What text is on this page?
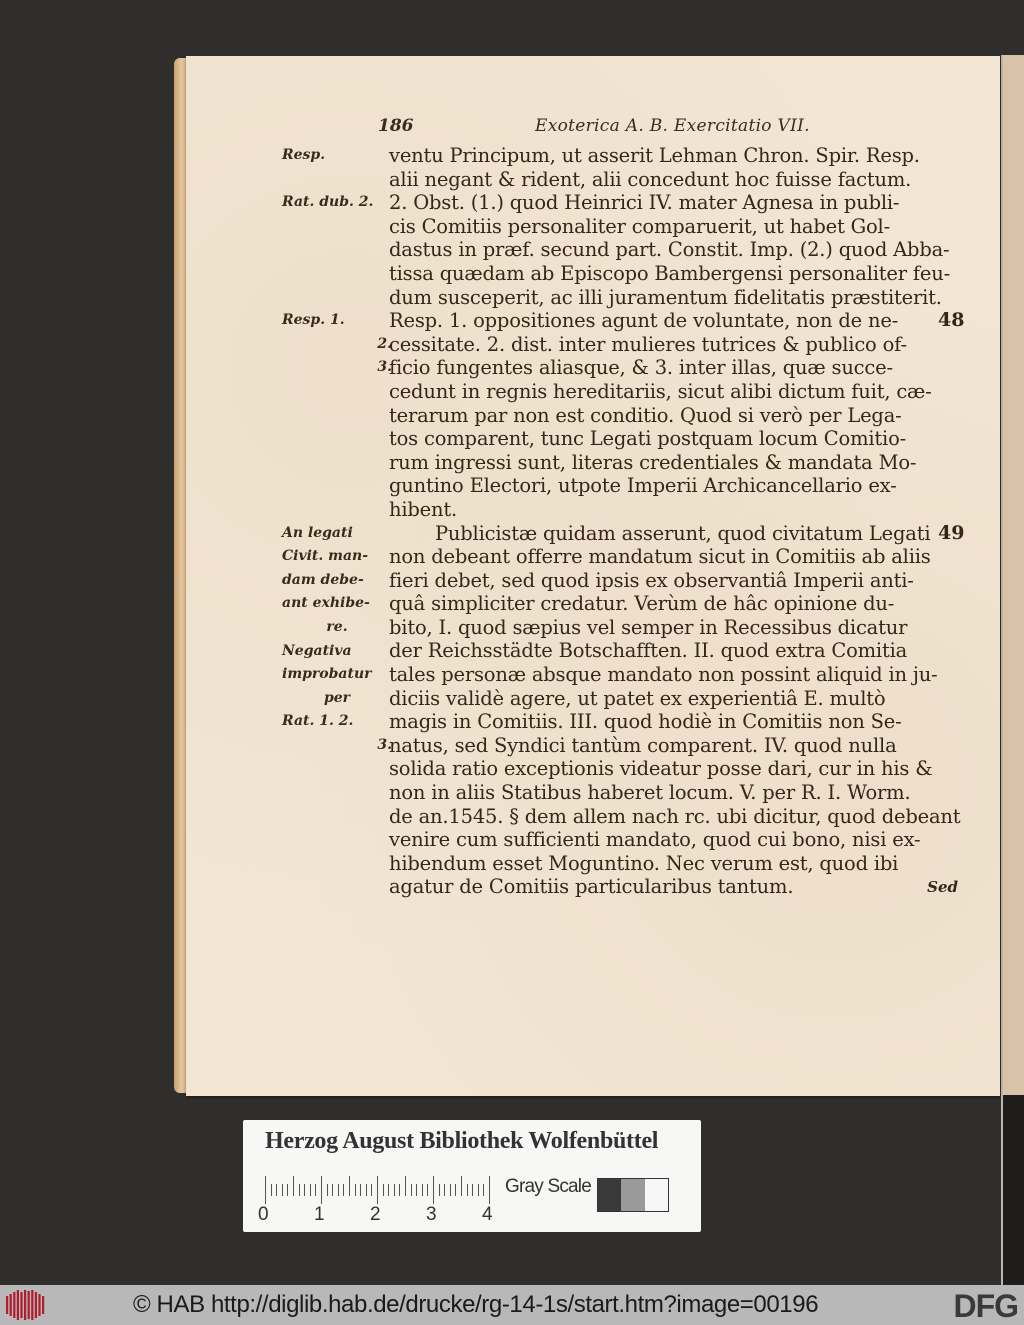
186	Exoterica A. B. Exercitatio VII.
Resp.
Rat. dub. 2.
Resp. 1.
2.
3.
An legati
Civit. man-
dam debe-
ant exhibe-
re.
Negativa
improbatur
per
Rat. 1. 2.
3.
ventu Principum, ut asserit Lehman Chron. Spir. Resp.
alii negant & rident, alii concedunt hoc fuisse factum.
2. Obst. (1.) quod Heinrici IV. mater Agnesa in publi-
cis Comitiis personaliter comparuerit, ut habet Gol-
dastus in præf. secund part. Constit. Imp. (2.) quod Abba-
tissa quædam ab Episcopo Bambergensi personaliter feu-
dum susceperit, ac illi juramentum fidelitatis præstiterit.
Resp. 1. oppositiones agunt de voluntate, non de ne-
cessitate. 2. dist. inter mulieres tutrices & publico of-
ficio fungentes aliasque, & 3. inter illas, quæ succe-
cedunt in regnis hereditariis, sicut alibi dictum fuit, cæ-
terarum par non est conditio. Quod si verò per Lega-
tos comparent, tunc Legati postquam locum Comitio-
rum ingressi sunt, literas credentiales & mandata Mo-
guntino Electori, utpote Imperii Archicancellario ex-
hibent.
Publicistæ quidam asserunt, quod civitatum Legati
non debeant offerre mandatum sicut in Comitiis ab aliis
fieri debet, sed quod ipsis ex observantiâ Imperii anti-
quâ simpliciter credatur. Verùm de hâc opinione du-
bito, I. quod sæpius vel semper in Recessibus dicatur
der Reichsstädte Botschafften. II. quod extra Comitia
tales personæ absque mandato non possint aliquid in ju-
diciis validè agere, ut patet ex experientiâ E. multò
magis in Comitiis. III. quod hodiè in Comitiis non Se-
natus, sed Syndici tantùm comparent. IV. quod nulla
solida ratio exceptionis videatur posse dari, cur in his &
non in aliis Statibus haberet locum. V. per R. I. Worm.
de an.1545. § dem allem nach rc. ubi dicitur, quod debeant
venire cum sufficienti mandato, quod cui bono, nisi ex-
hibendum esset Moguntino. Nec verum est, quod ibi
agatur de Comitiis particularibus tantum.
48
49
Sed
Herzog August Bibliothek Wolfenbüttel
0 1 2 3 4
Gray Scale
© HAB http://diglib.hab.de/drucke/rg-14-1s/start.htm?image=00196	DFG
